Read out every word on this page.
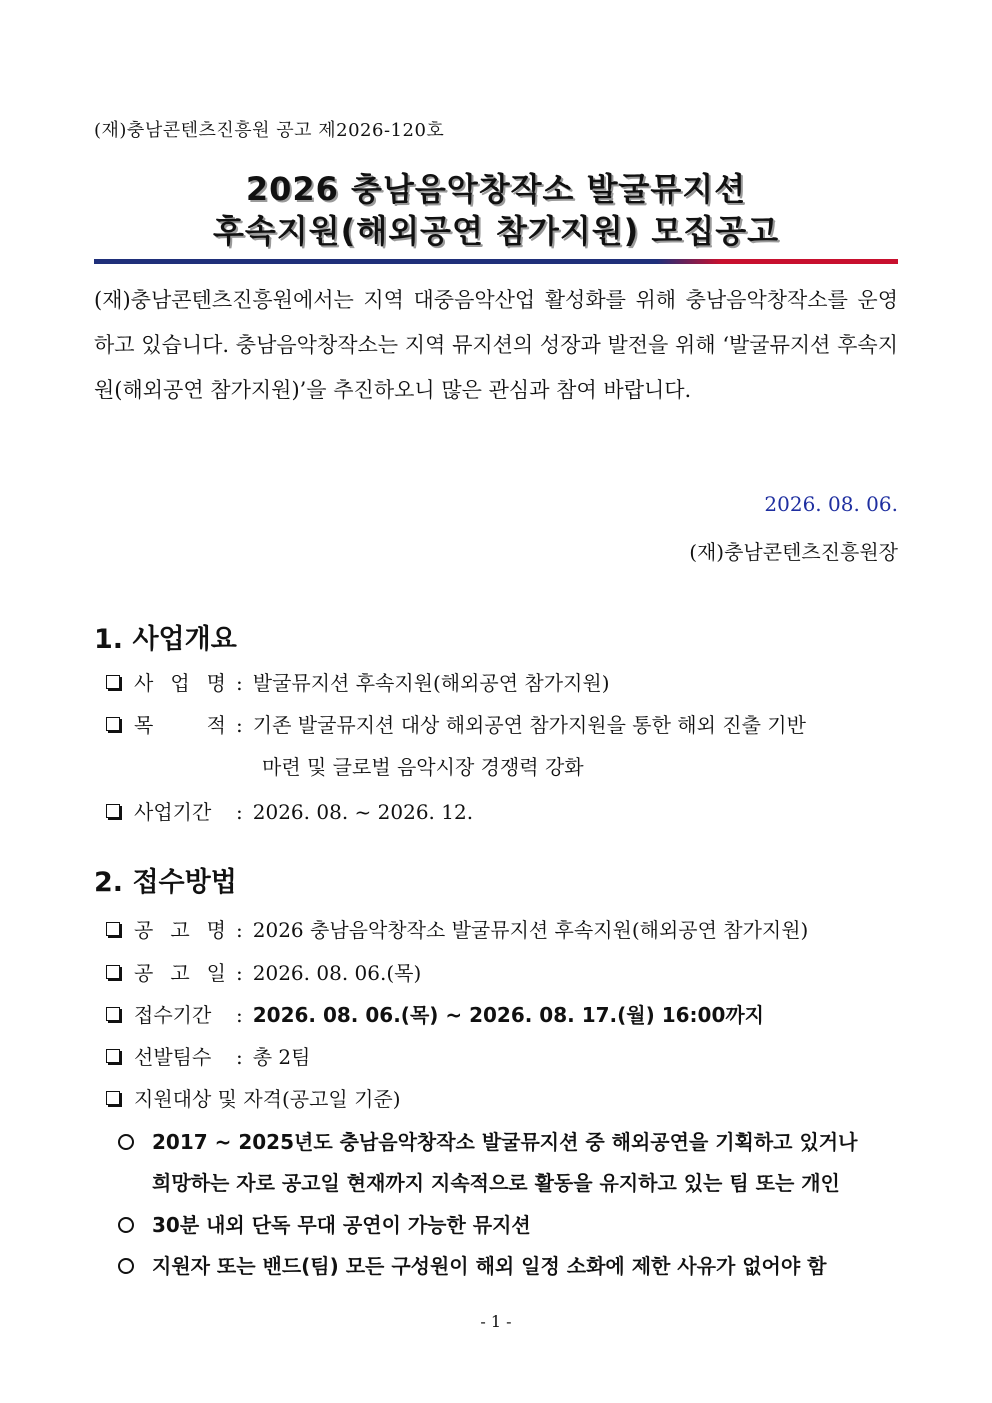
(재)충남콘텐츠진흥원 공고 제2026-120호
2026 충남음악창작소 발굴뮤지션
후속지원(해외공연 참가지원) 모집공고

(재)충남콘텐츠진흥원에서는 지역 대중음악산업 활성화를 위해 충남음악창작소를 운영하고 있습니다. 충남음악창작소는 지역 뮤지션의 성장과 발전을 위해 ‘발굴뮤지션 후속지원(해외공연 참가지원)’을 추진하오니 많은 관심과 참여 바랍니다.

2026. 08. 06.
(재)충남콘텐츠진흥원장
1. 사업개요
사 업 명 : 발굴뮤지션 후속지원(해외공연 참가지원)
목 적 : 기존 발굴뮤지션 대상 해외공연 참가지원을 통한 해외 진출 기반
마련 및 글로벌 음악시장 경쟁력 강화
사업기간	: 2026. 08. ~ 2026. 12.
2. 접수방법
공 고 명 : 2026 충남음악창작소 발굴뮤지션 후속지원(해외공연 참가지원)
공 고 일 : 2026. 08. 06.(목)
접수기간	: 2026. 08. 06.(목) ~ 2026. 08. 17.(월) 16:00까지
선발팀수	: 총 2팀
지원대상 및 자격(공고일 기준)
2017 ~ 2025년도 충남음악창작소 발굴뮤지션 중 해외공연을 기획하고 있거나
희망하는 자로 공고일 현재까지 지속적으로 활동을 유지하고 있는 팀 또는 개인
30분 내외 단독 무대 공연이 가능한 뮤지션
지원자 또는 밴드(팀) 모든 구성원이 해외 일정 소화에 제한 사유가 없어야 함
- 1 -
